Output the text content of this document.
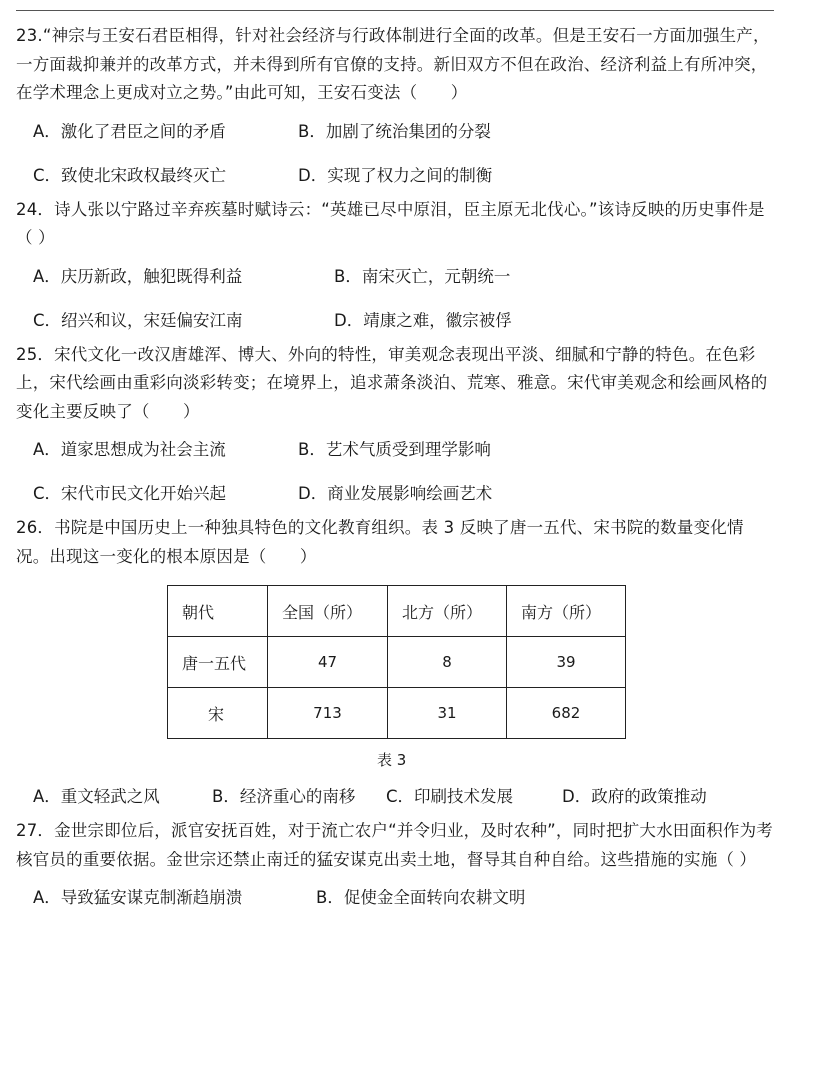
23.“神宗与王安石君臣相得，针对社会经济与行政体制进行全面的改革。但是王安石一方面加强生产，一方面裁抑兼并的改革方式，并未得到所有官僚的支持。新旧双方不但在政治、经济利益上有所冲突，在学术理念上更成对立之势。”由此可知，王安石变法（　　）

A．激化了君臣之间的矛盾	B．加剧了统治集团的分裂
C．致使北宋政权最终灭亡	D．实现了权力之间的制衡

24．诗人张以宁路过辛弃疾墓时赋诗云：“英雄已尽中原泪，臣主原无北伐心。”该诗反映的历史事件是（ ）

A．庆历新政，触犯既得利益	B．南宋灭亡，元朝统一
C．绍兴和议，宋廷偏安江南	D．靖康之难，徽宗被俘

25．宋代文化一改汉唐雄浑、博大、外向的特性，审美观念表现出平淡、细腻和宁静的特色。在色彩上，宋代绘画由重彩向淡彩转变；在境界上，追求萧条淡泊、荒寒、雅意。宋代审美观念和绘画风格的变化主要反映了（　　）

A．道家思想成为社会主流	B．艺术气质受到理学影响
C．宋代市民文化开始兴起	D．商业发展影响绘画艺术

26．书院是中国历史上一种独具特色的文化教育组织。表 3 反映了唐一五代、宋书院的数量变化情况。出现这一变化的根本原因是（　　）

朝代	全国（所）	北方（所）	南方（所）
唐一五代	47	8	39
宋	713	31	682
表 3
A．重文轻武之风	B．经济重心的南移 C．印刷技术发展	D．政府的政策推动

27．金世宗即位后，派官安抚百姓，对于流亡农户“并令归业，及时农种”，同时把扩大水田面积作为考核官员的重要依据。金世宗还禁止南迁的猛安谋克出卖土地，督导其自种自给。这些措施的实施（ ）

A．导致猛安谋克制渐趋崩溃	B．促使金全面转向农耕文明
